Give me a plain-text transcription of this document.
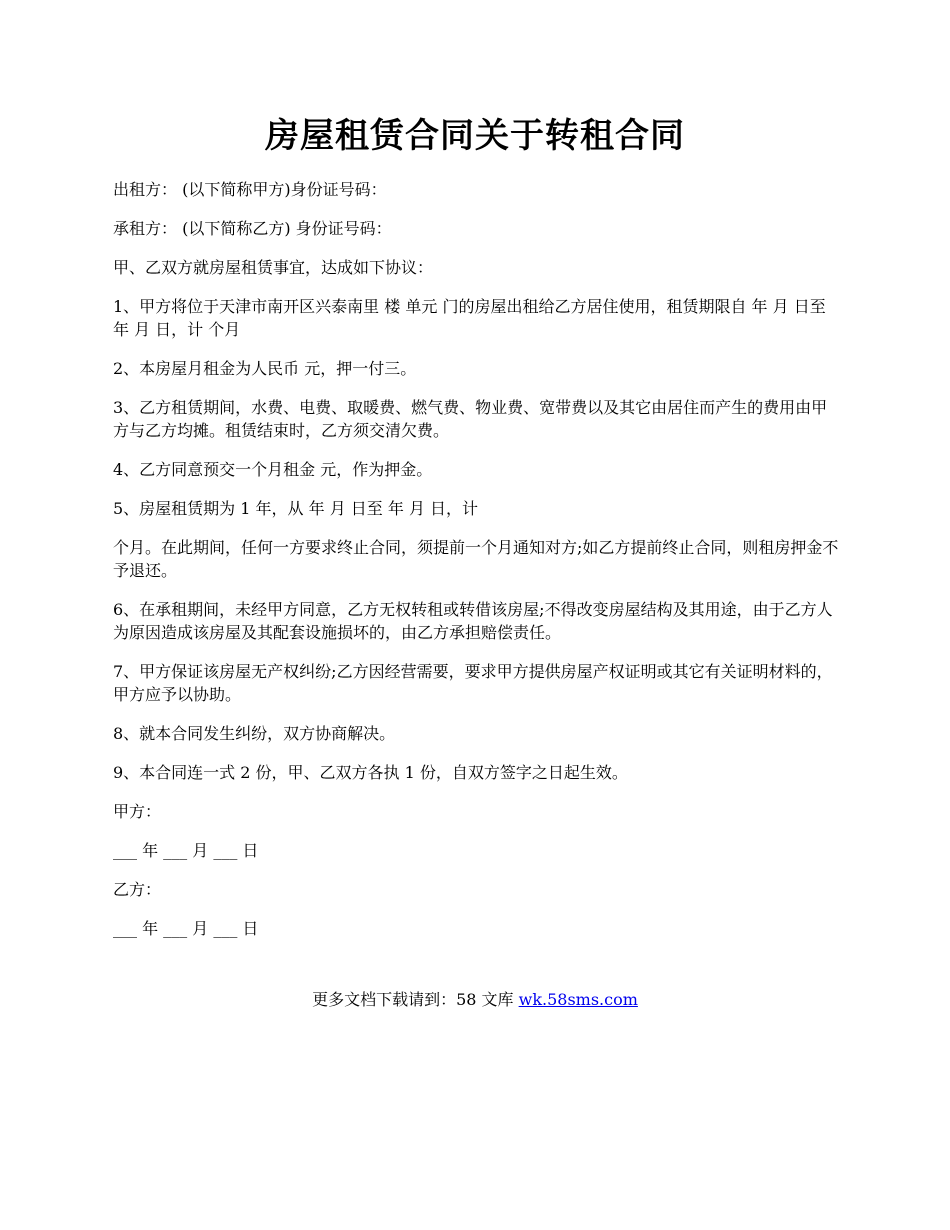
房屋租赁合同关于转租合同

出租方： (以下简称甲方)身份证号码：

承租方： (以下简称乙方) 身份证号码：

甲、乙双方就房屋租赁事宜，达成如下协议：

1、甲方将位于天津市南开区兴泰南里 楼 单元 门的房屋出租给乙方居住使用，租赁期限自 年 月 日至 年 月 日，计 个月

2、本房屋月租金为人民币 元，押一付三。

3、乙方租赁期间，水费、电费、取暖费、燃气费、物业费、宽带费以及其它由居住而产生的费用由甲方与乙方均摊。租赁结束时，乙方须交清欠费。

4、乙方同意预交一个月租金 元，作为押金。

5、房屋租赁期为 1 年，从 年 月 日至 年 月 日，计

个月。在此期间，任何一方要求终止合同，须提前一个月通知对方;如乙方提前终止合同，则租房押金不予退还。

6、在承租期间，未经甲方同意，乙方无权转租或转借该房屋;不得改变房屋结构及其用途，由于乙方人为原因造成该房屋及其配套设施损坏的，由乙方承担赔偿责任。

7、甲方保证该房屋无产权纠纷;乙方因经营需要，要求甲方提供房屋产权证明或其它有关证明材料的，甲方应予以协助。

8、就本合同发生纠纷，双方协商解决。

9、本合同连一式 2 份，甲、乙双方各执 1 份，自双方签字之日起生效。

甲方：

___ 年 ___ 月 ___ 日

乙方：

___ 年 ___ 月 ___ 日

更多文档下载请到：58 文库 wk.58sms.com
